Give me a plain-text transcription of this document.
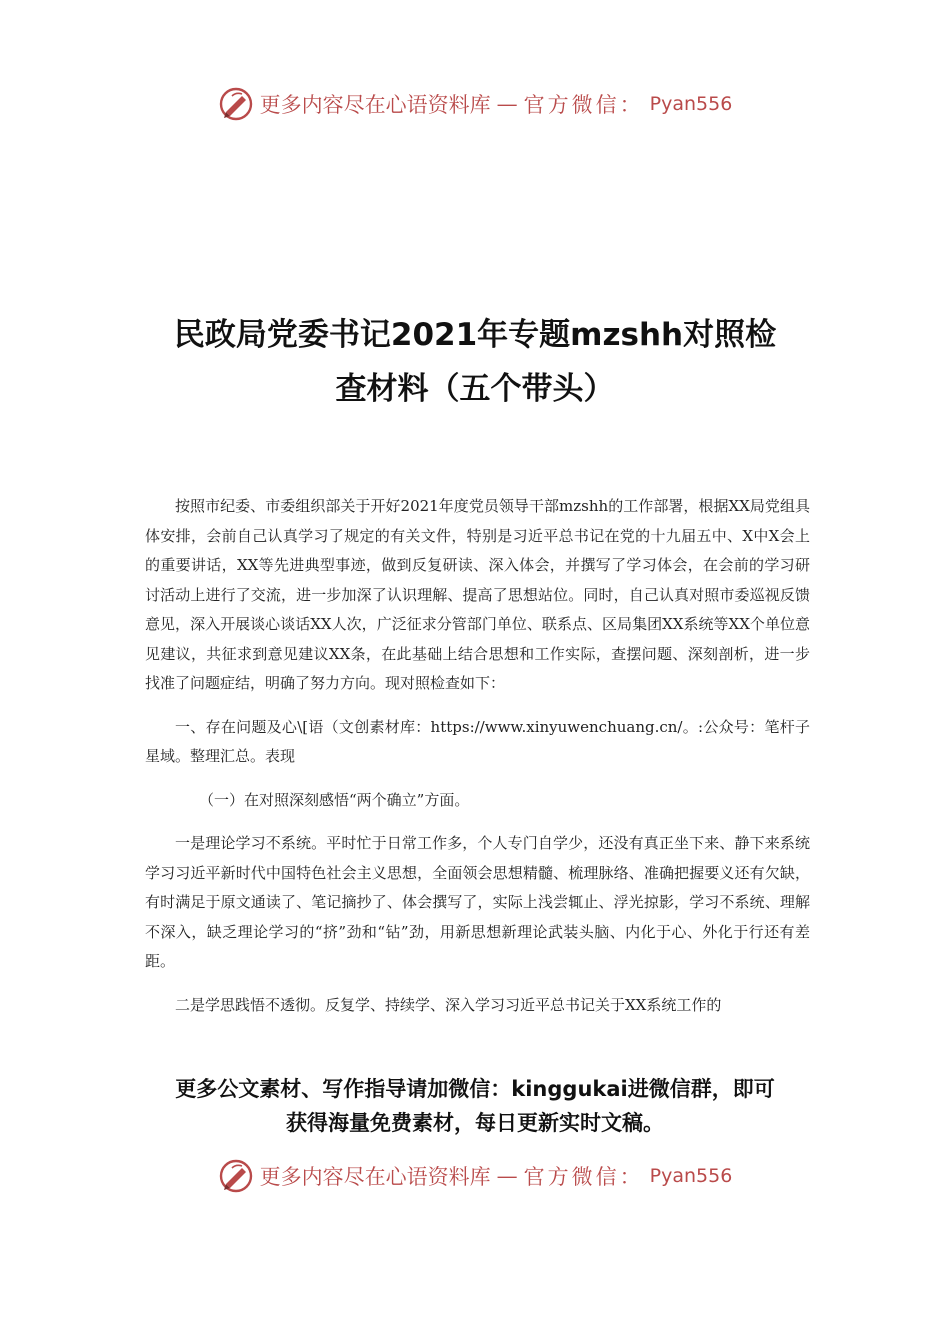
更多内容尽在心语资料库 — 官方微信： Pyan556
民政局党委书记2021年专题mzshh对照检
查材料（五个带头）

按照市纪委、市委组织部关于开好2021年度党员领导干部mzshh的工作部署，根据XX局党组具体安排，会前自己认真学习了规定的有关文件，特别是习近平总书记在党的十九届五中、X中X会上的重要讲话，XX等先进典型事迹，做到反复研读、深入体会，并撰写了学习体会，在会前的学习研讨活动上进行了交流，进一步加深了认识理解、提高了思想站位。同时，自己认真对照市委巡视反馈意见，深入开展谈心谈话XX人次，广泛征求分管部门单位、联系点、区局集团XX系统等XX个单位意见建议，共征求到意见建议XX条，在此基础上结合思想和工作实际，查摆问题、深刻剖析，进一步找准了问题症结，明确了努力方向。现对照检查如下：

一、存在问题及心\[语（文创素材库：https://www.xinyuwenchuang.cn/。:公众号：笔杆子星域。整理汇总。表现

（一）在对照深刻感悟“两个确立”方面。

一是理论学习不系统。平时忙于日常工作多，个人专门自学少，还没有真正坐下来、静下来系统学习习近平新时代中国特色社会主义思想，全面领会思想精髓、梳理脉络、准确把握要义还有欠缺，有时满足于原文通读了、笔记摘抄了、体会撰写了，实际上浅尝辄止、浮光掠影，学习不系统、理解不深入，缺乏理论学习的“挤”劲和“钻”劲，用新思想新理论武装头脑、内化于心、外化于行还有差距。

二是学思践悟不透彻。反复学、持续学、深入学习习近平总书记关于XX系统工作的

更多公文素材、写作指导请加微信：kinggukai进微信群，即可
获得海量免费素材，每日更新实时文稿。
更多内容尽在心语资料库 — 官方微信： Pyan556
